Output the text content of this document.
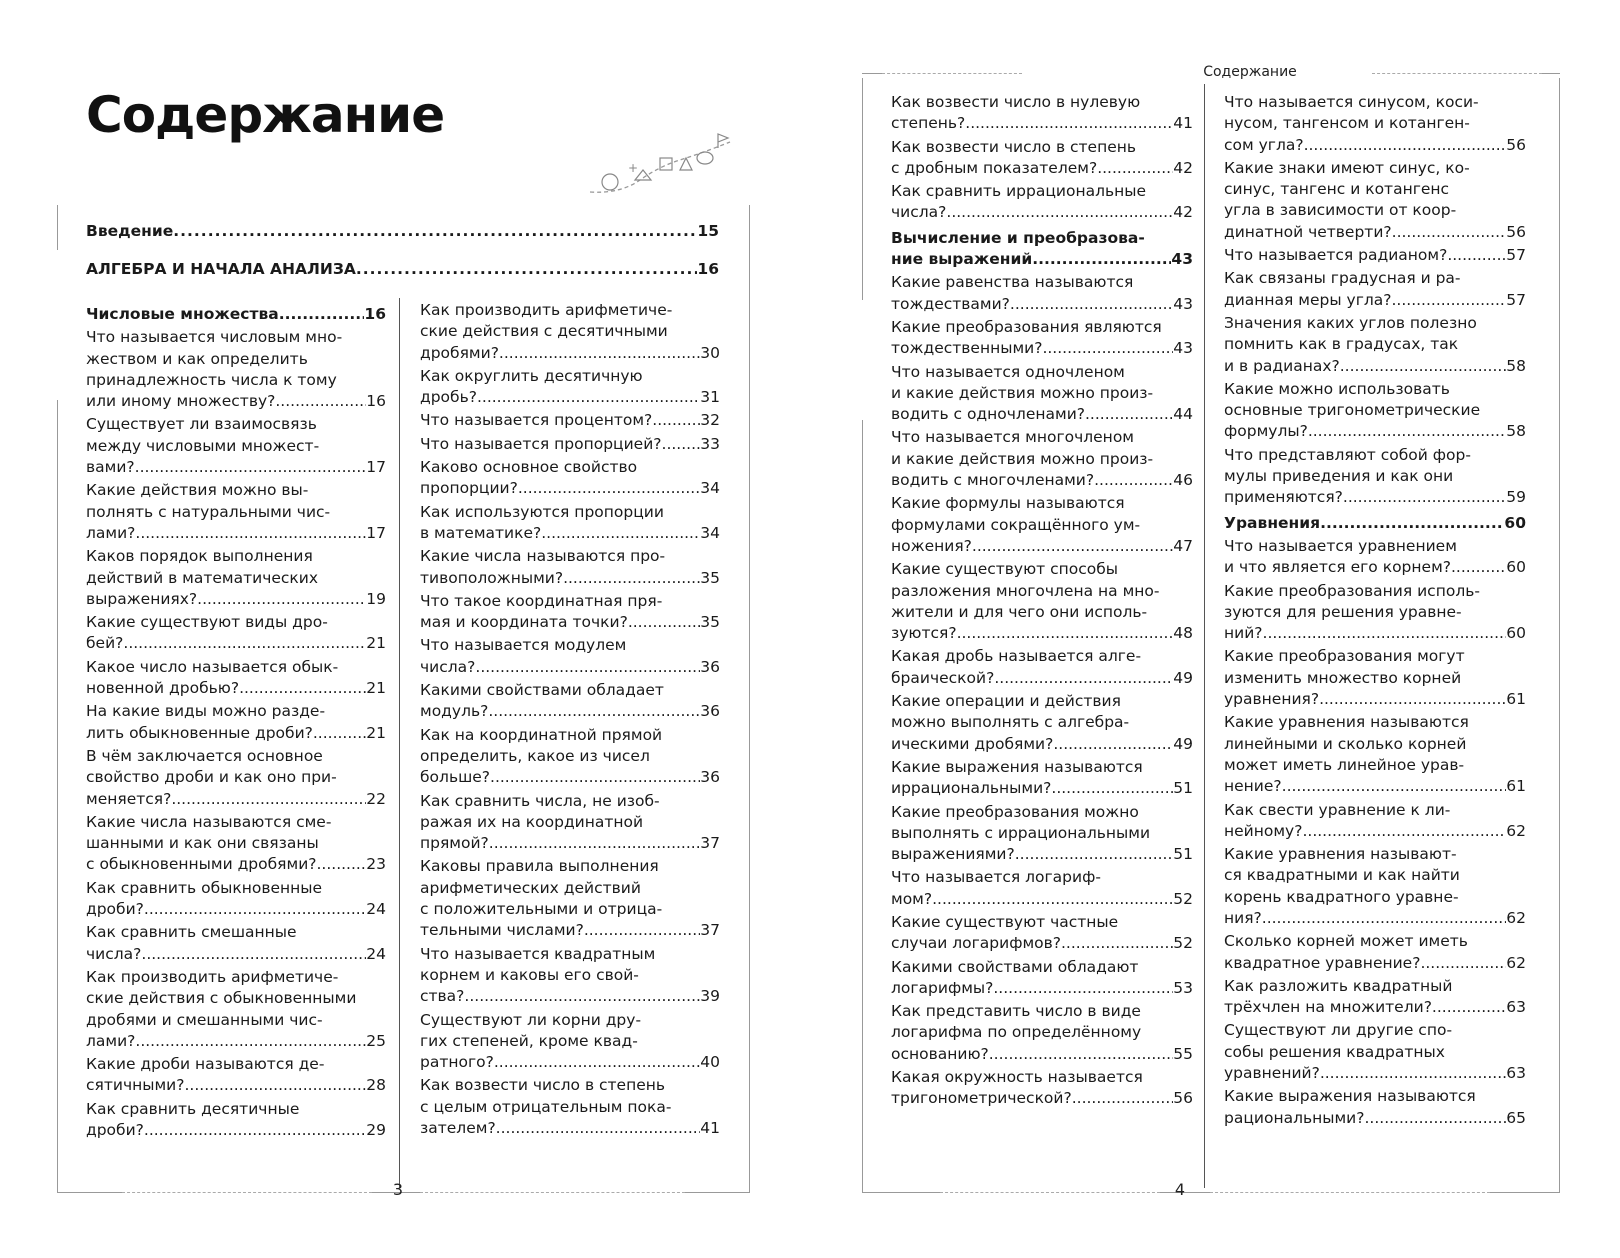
Содержание
+
Введение .....	15
АЛГЕБРА И НАЧАЛА АНАЛИЗА .....	16
Числовые множества .....	16
Что называется числовым мно-
жеством и как определить
принадлежность числа к тому
или иному множеству? .....	16
Существует ли взаимосвязь
между числовыми множест-
вами? .....	17
Какие действия можно вы-
полнять с натуральными чис-
лами? .....	17
Каков порядок выполнения
действий в математических
выражениях? .....	19
Какие существуют виды дро-
бей? .....	21
Какое число называется обык-
новенной дробью? .....	21
На какие виды можно разде-
лить обыкновенные дроби? .....	21
В чём заключается основное
свойство дроби и как оно при-
меняется? .....	22
Какие числа называются сме-
шанными и как они связаны
с обыкновенными дробями? .....	23
Как сравнить обыкновенные
дроби? .....	24
Как сравнить смешанные
числа? .....	24
Как производить арифметиче-
ские действия с обыкновенными
дробями и смешанными чис-
лами? .....	25
Какие дроби называются де-
сятичными? .....	28
Как сравнить десятичные
дроби? .....	29
Как производить арифметиче-
ские действия с десятичными
дробями? .....	30
Как округлить десятичную
дробь? .....	31
Что называется процентом? .....	32
Что называется пропорцией? ..... 33
Каково основное свойство
пропорции? .....	34
Как используются пропорции
в математике? .....	34
Какие числа называются про-
тивоположными? .....	35
Что такое координатная пря-
мая и координата точки? .....	35
Что называется модулем
числа? .....	36
Какими свойствами обладает
модуль? .....	36
Как на координатной прямой
определить, какое из чисел
больше? .....	36
Как сравнить числа, не изоб-
ражая их на координатной
прямой? .....	37
Каковы правила выполнения
арифметических действий
с положительными и отрица-
тельными числами? .....	37
Что называется квадратным
корнем и каковы его свой-
ства? .....	39
Существуют ли корни дру-
гих степеней, кроме квад-
ратного? .....	40
Как возвести число в степень
с целым отрицательным пока-
зателем? .....	41
3
Содержание
Как возвести число в нулевую
степень? .....	41
Как возвести число в степень
с дробным показателем? .....	42
Как сравнить иррациональные
числа? .....	42
Вычисление и преобразова-
ние выражений .....	43
Какие равенства называются
тождествами? .....	43
Какие преобразования являются
тождественными? .....	43
Что называется одночленом
и какие действия можно произ-
водить с одночленами? .....	44
Что называется многочленом
и какие действия можно произ-
водить с многочленами? .....	46
Какие формулы называются
формулами сокращённого ум-
ножения? .....	47
Какие существуют способы
разложения многочлена на мно-
жители и для чего они исполь-
зуются? .....	48
Какая дробь называется алге-
браической? .....	49
Какие операции и действия
можно выполнять с алгебра-
ическими дробями? .....	49
Какие выражения называются
иррациональными? .....	51
Какие преобразования можно
выполнять с иррациональными
выражениями? .....	51
Что называется логариф-
мом? .....	52
Какие существуют частные
случаи логарифмов? .....	52
Какими свойствами обладают
логарифмы? .....	53
Как представить число в виде
логарифма по определённому
основанию? .....	55
Какая окружность называется
тригонометрической? .....	56
Что называется синусом, коси-
нусом, тангенсом и котанген-
сом угла? .....	56
Какие знаки имеют синус, ко-
синус, тангенс и котангенс
угла в зависимости от коор-
динатной четверти? .....	56
Что называется радианом? .....	57
Как связаны градусная и ра-
дианная меры угла? .....	57
Значения каких углов полезно
помнить как в градусах, так
и в радианах? .....	58
Какие можно использовать
основные тригонометрические
формулы? .....	58
Что представляют собой фор-
мулы приведения и как они
применяются? .....	59
Уравнения .....	60
Что называется уравнением
и что является его корнем? .....	60
Какие преобразования исполь-
зуются для решения уравне-
ний? .....	60
Какие преобразования могут
изменить множество корней
уравнения? .....	61
Какие уравнения называются
линейными и сколько корней
может иметь линейное урав-
нение? .....	61
Как свести уравнение к ли-
нейному? .....	62
Какие уравнения называют-
ся квадратными и как найти
корень квадратного уравне-
ния? .....	62
Сколько корней может иметь
квадратное уравнение? .....	62
Как разложить квадратный
трёхчлен на множители? .....	63
Существуют ли другие спо-
собы решения квадратных
уравнений? .....	63
Какие выражения называются
рациональными? .....	65
4
